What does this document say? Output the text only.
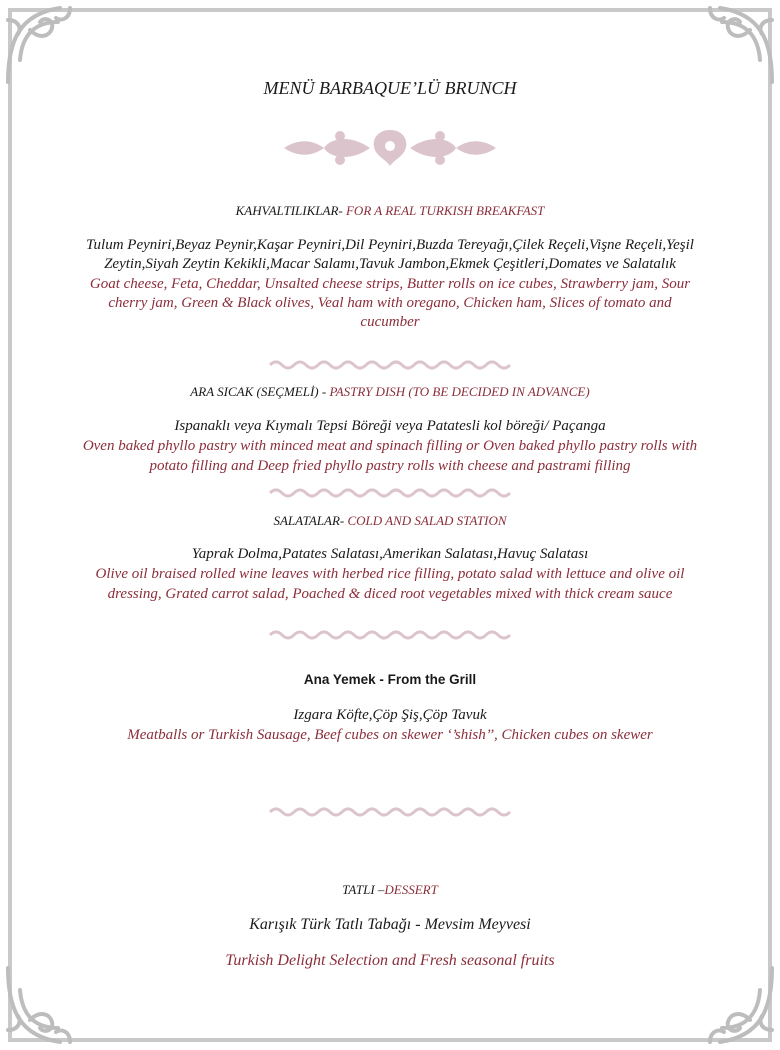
MENÜ BARBAQUE’LÜ BRUNCH

KAHVALTILIKLAR- FOR A REAL TURKISH BREAKFAST

Tulum Peyniri,Beyaz Peynir,Kaşar Peyniri,Dil Peyniri,Buzda Tereyağı,Çilek Reçeli,Vişne Reçeli,Yeşil

Zeytin,Siyah Zeytin Kekikli,Macar Salamı,Tavuk Jambon,Ekmek Çeşitleri,Domates ve Salatalık

Goat cheese, Feta, Cheddar, Unsalted cheese strips, Butter rolls on ice cubes, Strawberry jam, Sour

cherry jam, Green & Black olives, Veal ham with oregano, Chicken ham, Slices of tomato and

cucumber

ARA SICAK (SEÇMELİ) - PASTRY DISH (TO BE DECIDED IN ADVANCE)

Ispanaklı veya Kıymalı Tepsi Böreği veya Patatesli kol böreği/ Paçanga

Oven baked phyllo pastry with minced meat and spinach filling or Oven baked phyllo pastry rolls with

potato filling and Deep fried phyllo pastry rolls with cheese and pastrami filling

SALATALAR- COLD AND SALAD STATION

Yaprak Dolma,Patates Salatası,Amerikan Salatası,Havuç Salatası

Olive oil braised rolled wine leaves with herbed rice filling, potato salad with lettuce and olive oil

dressing, Grated carrot salad, Poached & diced root vegetables mixed with thick cream sauce

Ana Yemek - From the Grill

Izgara Köfte,Çöp Şiş,Çöp Tavuk

Meatballs or Turkish Sausage, Beef cubes on skewer ‘’shish’’, Chicken cubes on skewer

TATLI –DESSERT

Karışık Türk Tatlı Tabağı - Mevsim Meyvesi

Turkish Delight Selection and Fresh seasonal fruits
